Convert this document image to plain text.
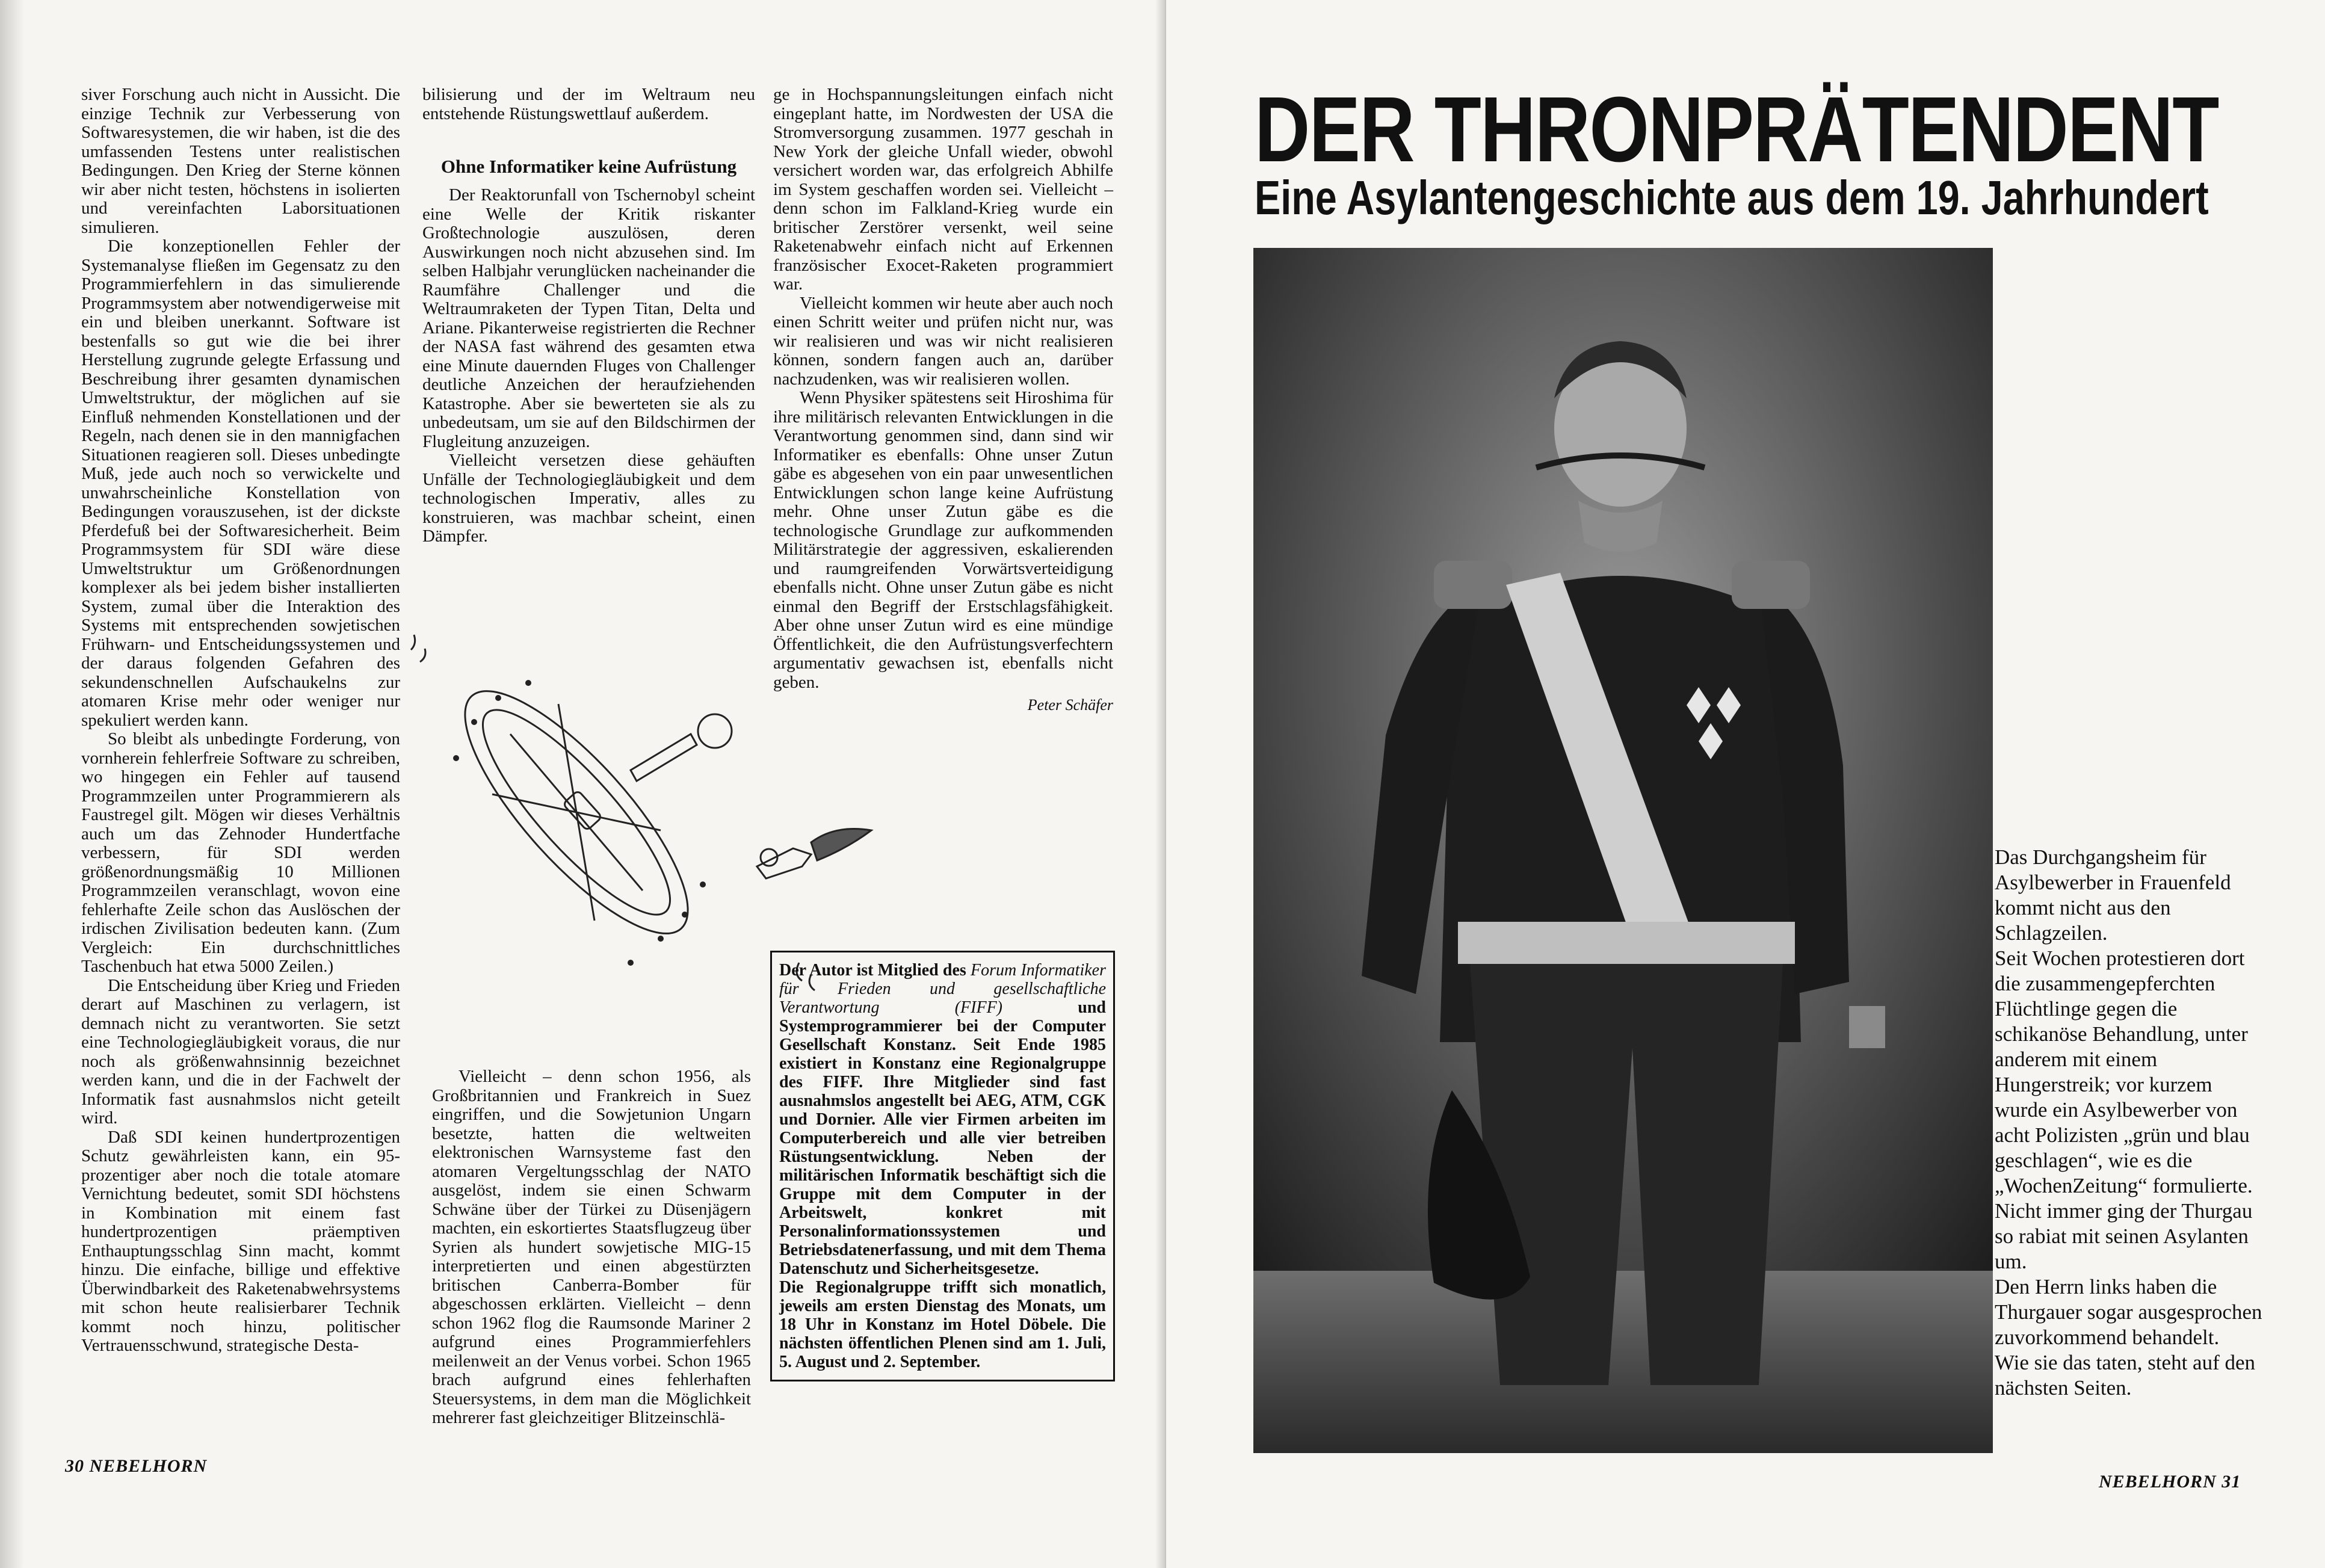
siver Forschung auch nicht in Aussicht. Die einzige Technik zur Verbesserung von Softwaresystemen, die wir haben, ist die des umfassenden Testens unter realistischen Bedingungen. Den Krieg der Sterne können wir aber nicht testen, höchstens in isolierten und vereinfachten Laborsituationen simulieren.

Die konzeptionellen Fehler der Systemanalyse fließen im Gegensatz zu den Programmierfehlern in das simulierende Programmsystem aber notwendigerweise mit ein und bleiben unerkannt. Software ist bestenfalls so gut wie die bei ihrer Herstellung zugrunde gelegte Erfassung und Beschreibung ihrer gesamten dynamischen Umweltstruktur, der möglichen auf sie Einfluß nehmenden Konstellationen und der Regeln, nach denen sie in den mannigfachen Situationen reagieren soll. Dieses unbedingte Muß, jede auch noch so verwickelte und unwahrscheinliche Konstellation von Bedingungen vorauszusehen, ist der dickste Pferdefuß bei der Softwaresicherheit. Beim Programmsystem für SDI wäre diese Umweltstruktur um Größenordnungen komplexer als bei jedem bisher installierten System, zumal über die Interaktion des Systems mit entsprechenden sowjetischen Frühwarn- und Entscheidungssystemen und der daraus folgenden Gefahren des sekundenschnellen Aufschaukelns zur atomaren Krise mehr oder weniger nur spekuliert werden kann.

So bleibt als unbedingte Forderung, von vornherein fehlerfreie Software zu schreiben, wo hingegen ein Fehler auf tausend Programmzeilen unter Programmierern als Faustregel gilt. Mögen wir dieses Verhältnis auch um das Zehnoder Hundertfache verbessern, für SDI werden größenordnungsmäßig 10 Millionen Programmzeilen veranschlagt, wovon eine fehlerhafte Zeile schon das Auslöschen der irdischen Zivilisation bedeuten kann. (Zum Vergleich: Ein durchschnittliches Taschenbuch hat etwa 5000 Zeilen.)

Die Entscheidung über Krieg und Frieden derart auf Maschinen zu verlagern, ist demnach nicht zu verantworten. Sie setzt eine Technologiegläubigkeit voraus, die nur noch als größenwahnsinnig bezeichnet werden kann, und die in der Fachwelt der Informatik fast ausnahmslos nicht geteilt wird.

Daß SDI keinen hundertprozentigen Schutz gewährleisten kann, ein 95-prozentiger aber noch die totale atomare Vernichtung bedeutet, somit SDI höchstens in Kombination mit einem fast hundertprozentigen präemptiven Enthauptungsschlag Sinn macht, kommt hinzu. Die einfache, billige und effektive Überwindbarkeit des Raketenabwehrsystems mit schon heute realisierbarer Technik kommt noch hinzu, politischer Vertrauensschwund, strategische Desta-

bilisierung und der im Weltraum neu entstehende Rüstungswettlauf außerdem.

Ohne Informatiker keine Aufrüstung

Der Reaktorunfall von Tschernobyl scheint eine Welle der Kritik riskanter Großtechnologie auszulösen, deren Auswirkungen noch nicht abzusehen sind. Im selben Halbjahr verunglücken nacheinander die Raumfähre Challenger und die Weltraumraketen der Typen Titan, Delta und Ariane. Pikanterweise registrierten die Rechner der NASA fast während des gesamten etwa eine Minute dauernden Fluges von Challenger deutliche Anzeichen der heraufziehenden Katastrophe. Aber sie bewerteten sie als zu unbedeutsam, um sie auf den Bildschirmen der Flugleitung anzuzeigen.

Vielleicht versetzen diese gehäuften Unfälle der Technologiegläubigkeit und dem technologischen Imperativ, alles zu konstruieren, was machbar scheint, einen Dämpfer.

Vielleicht – denn schon 1956, als Großbritannien und Frankreich in Suez eingriffen, und die Sowjetunion Ungarn besetzte, hatten die weltweiten elektronischen Warnsysteme fast den atomaren Vergeltungsschlag der NATO ausgelöst, indem sie einen Schwarm Schwäne über der Türkei zu Düsenjägern machten, ein eskortiertes Staatsflugzeug über Syrien als hundert sowjetische MIG-15 interpretierten und einen abgestürzten britischen Canberra-Bomber für abgeschossen erklärten. Vielleicht – denn schon 1962 flog die Raumsonde Mariner 2 aufgrund eines Programmierfehlers meilenweit an der Venus vorbei. Schon 1965 brach aufgrund eines fehlerhaften Steuersystems, in dem man die Möglichkeit mehrerer fast gleichzeitiger Blitzeinschlä-

ge in Hochspannungsleitungen einfach nicht eingeplant hatte, im Nordwesten der USA die Stromversorgung zusammen. 1977 geschah in New York der gleiche Unfall wieder, obwohl versichert worden war, das erfolgreich Abhilfe im System geschaffen worden sei. Vielleicht – denn schon im Falkland-Krieg wurde ein britischer Zerstörer versenkt, weil seine Raketenabwehr einfach nicht auf Erkennen französischer Exocet-Raketen programmiert war.

Vielleicht kommen wir heute aber auch noch einen Schritt weiter und prüfen nicht nur, was wir realisieren und was wir nicht realisieren können, sondern fangen auch an, darüber nachzudenken, was wir realisieren wollen.

Wenn Physiker spätestens seit Hiroshima für ihre militärisch relevanten Entwicklungen in die Verantwortung genommen sind, dann sind wir Informatiker es ebenfalls: Ohne unser Zutun gäbe es abgesehen von ein paar unwesentlichen Entwicklungen schon lange keine Aufrüstung mehr. Ohne unser Zutun gäbe es die technologische Grundlage zur aufkommenden Militärstrategie der aggressiven, eskalierenden und raumgreifenden Vorwärtsverteidigung ebenfalls nicht. Ohne unser Zutun gäbe es nicht einmal den Begriff der Erstschlagsfähigkeit. Aber ohne unser Zutun wird es eine mündige Öffentlichkeit, die den Aufrüstungsverfechtern argumentativ gewachsen ist, ebenfalls nicht geben.

Peter Schäfer
Der Autor ist Mitglied des Forum Informatiker für Frieden und gesellschaftliche Verantwortung (FIFF)	und Systemprogrammierer bei der Computer Gesellschaft Konstanz. Seit Ende 1985 existiert in Konstanz eine Regionalgruppe des FIFF. Ihre Mitglieder sind fast ausnahmslos angestellt bei AEG, ATM, CGK und Dornier. Alle vier Firmen arbeiten im Computerbereich und alle vier betreiben Rüstungsentwicklung. Neben der militärischen Informatik beschäftigt sich die Gruppe mit dem Computer in der Arbeitswelt, konkret mit Personalinformationssystemen und Betriebsdatenerfassung, und mit dem Thema Datenschutz und Sicherheitsgesetze.
Die Regionalgruppe trifft sich monatlich, jeweils am ersten Dienstag des Monats, um 18 Uhr in Konstanz im Hotel Döbele. Die nächsten öffentlichen Plenen sind am 1. Juli, 5. August und 2. September.
30 NEBELHORN
DER THRONPRÄTENDENT
Eine Asylantengeschichte aus dem 19. Jahrhundert
Das Durchgangsheim für Asylbewerber in Frauenfeld kommt nicht aus den Schlagzeilen.
Seit Wochen protestieren dort die zusammengepferchten Flüchtlinge gegen die schikanöse Behandlung, unter anderem mit einem Hungerstreik; vor kurzem wurde ein Asylbewerber von acht Polizisten „grün und blau geschlagen“, wie es die „WochenZeitung“ formulierte.
Nicht immer ging der Thurgau so rabiat mit seinen Asylanten um.
Den Herrn links haben die Thurgauer sogar ausgesprochen zuvorkommend behandelt.
Wie sie das taten, steht auf den nächsten Seiten.
NEBELHORN 31
